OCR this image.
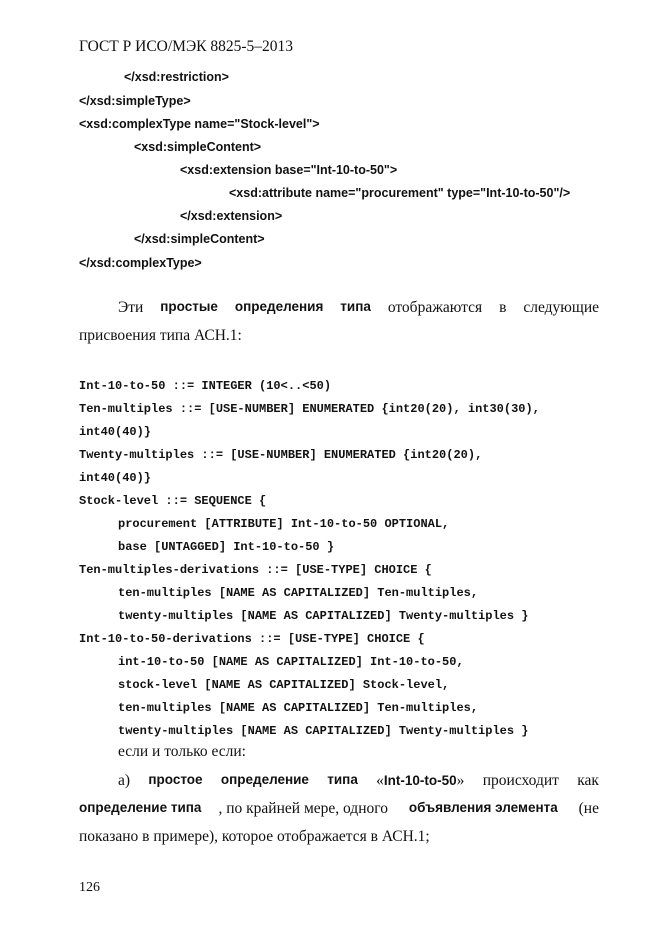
ГОСТ Р ИСО/МЭК 8825-5–2013
</xsd:restriction>
</xsd:simpleType>
<xsd:complexType name="Stock-level">
<xsd:simpleContent>
<xsd:extension base="Int-10-to-50">
<xsd:attribute name="procurement" type="Int-10-to-50"/>
</xsd:extension>
</xsd:simpleContent>
</xsd:complexType>
Эти простые определения типа отображаются в следующие
присвоения типа АСН.1:
Int-10-to-50 ::= INTEGER (10<..<50)
Ten-multiples ::= [USE-NUMBER] ENUMERATED {int20(20), int30(30),
int40(40)}
Twenty-multiples ::= [USE-NUMBER] ENUMERATED {int20(20),
int40(40)}
Stock-level ::= SEQUENCE {
procurement [ATTRIBUTE] Int-10-to-50 OPTIONAL,
base [UNTAGGED] Int-10-to-50 }
Ten-multiples-derivations ::= [USE-TYPE] CHOICE {
ten-multiples [NAME AS CAPITALIZED] Ten-multiples,
twenty-multiples [NAME AS CAPITALIZED] Twenty-multiples }
Int-10-to-50-derivations ::= [USE-TYPE] CHOICE {
int-10-to-50 [NAME AS CAPITALIZED] Int-10-to-50,
stock-level [NAME AS CAPITALIZED] Stock-level,
ten-multiples [NAME AS CAPITALIZED] Ten-multiples,
twenty-multiples [NAME AS CAPITALIZED] Twenty-multiples }
если и только если:
а) простое определение типа «Int-10-to-50» происходит как
определение типа , по крайней мере, одного объявления элемента (не
показано в примере), которое отображается в АСН.1;
126
